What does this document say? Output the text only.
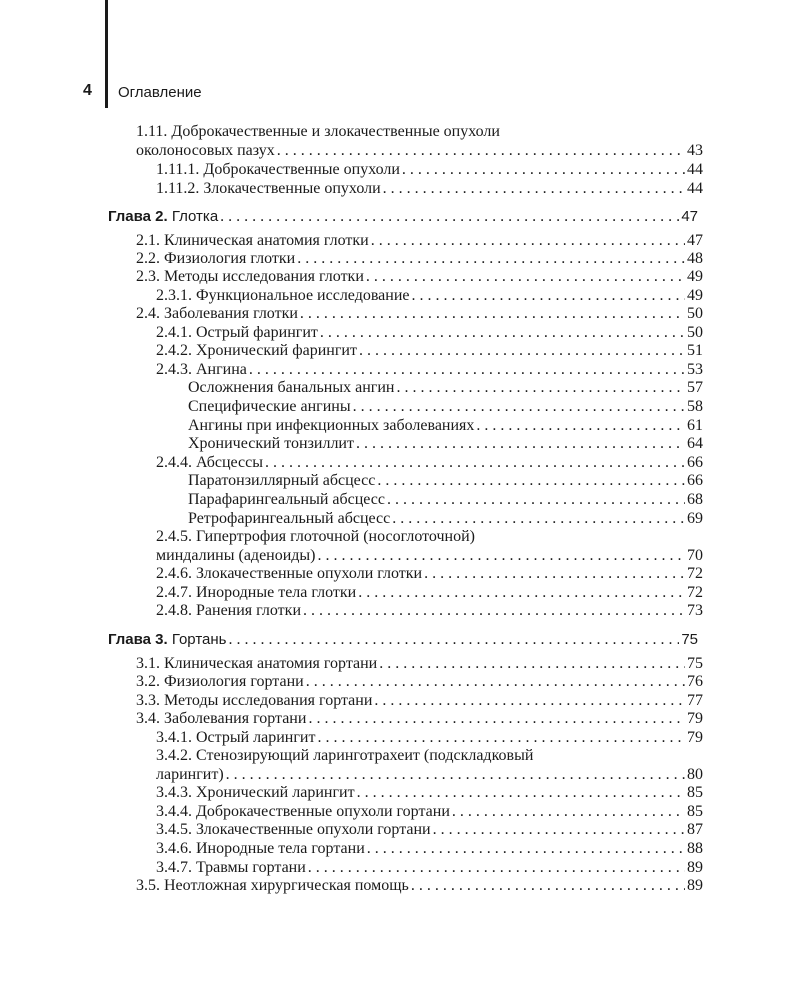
4 Оглавление
1.11. Доброкачественные и злокачественные опухоли
околоносовых пазух . . .	43
1.11.1. Доброкачественные опухоли . . .	44
1.11.2. Злокачественные опухоли . . .	44
Глава 2. Глотка . . .	47
2.1. Клиническая анатомия глотки . . .	47
2.2. Физиология глотки . . .	48
2.3. Методы исследования глотки . . .	49
2.3.1. Функциональное исследование . . .	49
2.4. Заболевания глотки . . .	50
2.4.1. Острый фарингит . . .	50
2.4.2. Хронический фарингит . . .	51
2.4.3. Ангина . . .	53
Осложнения банальных ангин . . .	57
Специфические ангины . . .	58
Ангины при инфекционных заболеваниях . . .	61
Хронический тонзиллит . . .	64
2.4.4. Абсцессы . . .	66
Паратонзиллярный абсцесс . . .	66
Парафарингеальный абсцесс . . .	68
Ретрофарингеальный абсцесс . . .	69
2.4.5. Гипертрофия глоточной (носоглоточной)
миндалины (аденоиды) . . .	70
2.4.6. Злокачественные опухоли глотки . . .	72
2.4.7. Инородные тела глотки . . .	72
2.4.8. Ранения глотки . . .	73
Глава 3. Гортань . . .	75
3.1. Клиническая анатомия гортани . . .	75
3.2. Физиология гортани . . .	76
3.3. Методы исследования гортани . . .	77
3.4. Заболевания гортани . . .	79
3.4.1. Острый ларингит . . .	79
3.4.2. Стенозирующий ларинготрахеит (подскладковый
ларингит) . . .	80
3.4.3. Хронический ларингит . . .	85
3.4.4. Доброкачественные опухоли гортани . . .	85
3.4.5. Злокачественные опухоли гортани . . .	87
3.4.6. Инородные тела гортани . . .	88
3.4.7. Травмы гортани . . .	89
3.5. Неотложная хирургическая помощь . . .	89
